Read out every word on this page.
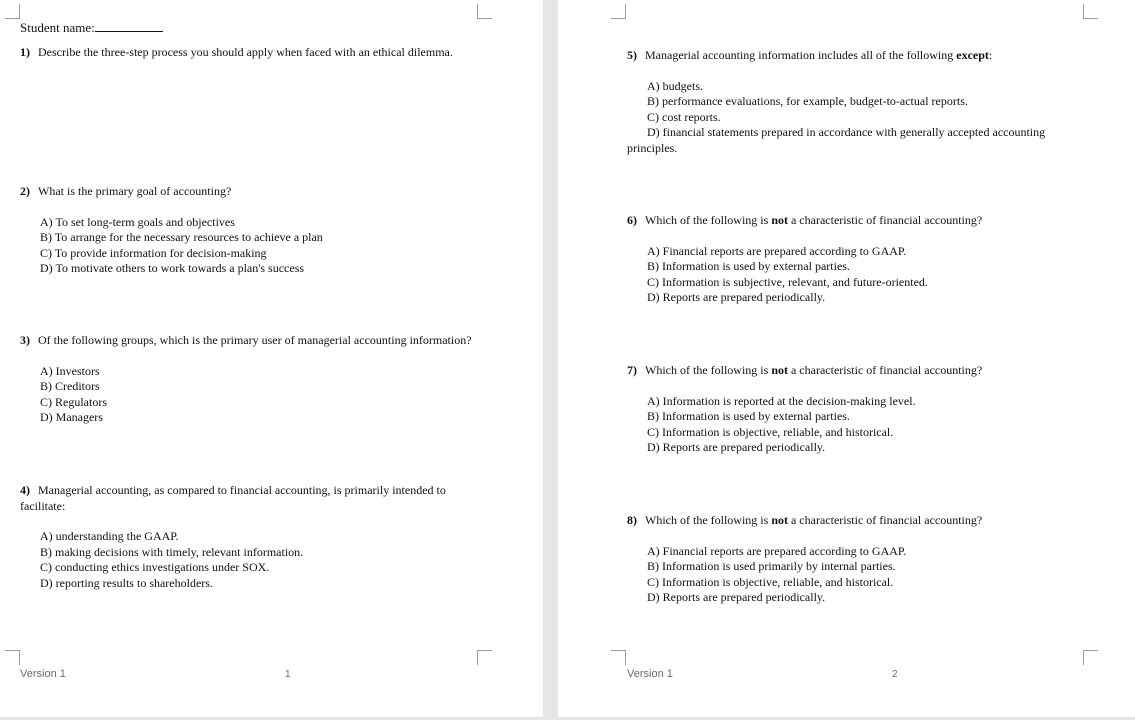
Student name:

1) Describe the three-step process you should apply when faced with an ethical dilemma.

2) What is the primary goal of accounting?

A) To set long-term goals and objectives
B) To arrange for the necessary resources to achieve a plan
C) To provide information for decision-making
D) To motivate others to work towards a plan's success

3) Of the following groups, which is the primary user of managerial accounting information?

A) Investors
B) Creditors
C) Regulators
D) Managers

4) Managerial accounting, as compared to financial accounting, is primarily intended to facilitate:

A) understanding the GAAP.
B) making decisions with timely, relevant information.
C) conducting ethics investigations under SOX.
D) reporting results to shareholders.
Version 1	1

5) Managerial accounting information includes all of the following except:

A) budgets.
B) performance evaluations, for example, budget-to-actual reports.
C) cost reports.
D) financial statements prepared in accordance with generally accepted accounting principles.

6) Which of the following is not a characteristic of financial accounting?

A) Financial reports are prepared according to GAAP.
B) Information is used by external parties.
C) Information is subjective, relevant, and future-oriented.
D) Reports are prepared periodically.

7) Which of the following is not a characteristic of financial accounting?

A) Information is reported at the decision-making level.
B) Information is used by external parties.
C) Information is objective, reliable, and historical.
D) Reports are prepared periodically.

8) Which of the following is not a characteristic of financial accounting?

A) Financial reports are prepared according to GAAP.
B) Information is used primarily by internal parties.
C) Information is objective, reliable, and historical.
D) Reports are prepared periodically.
Version 1	2
